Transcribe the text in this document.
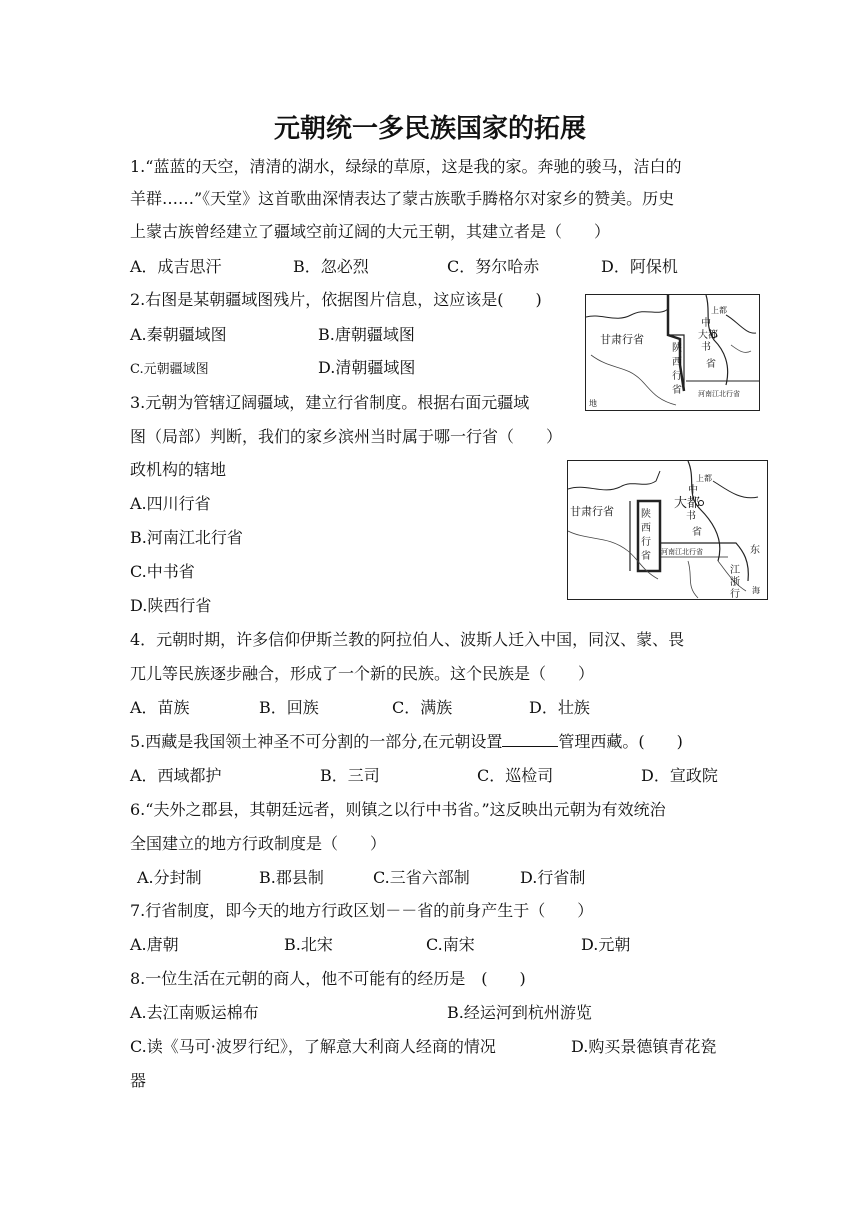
元朝统一多民族国家的拓展
1.“蓝蓝的天空，清清的湖水，绿绿的草原，这是我的家。奔驰的骏马，洁白的
羊群……”《天堂》这首歌曲深情表达了蒙古族歌手腾格尔对家乡的赞美。历史
上蒙古族曾经建立了疆域空前辽阔的大元王朝，其建立者是（　　）
A．成吉思汗	B．忽必烈	C．努尔哈赤	D．阿保机
2.右图是某朝疆域图残片，依据图片信息，这应该是(　　)
A.秦朝疆域图	B.唐朝疆域图
C.元朝疆域图	D.清朝疆域图
上都
中
大都
书
甘肃行省
陕
西
行
省
省
河南江北行省
地
3.元朝为管辖辽阔疆域，建立行省制度。根据右面元疆域
图（局部）判断，我们的家乡滨州当时属于哪一行省（　　）
政机构的辖地
A.四川行省
B.河南江北行省
C.中书省
D.陕西行省
上都
中
大都
书
甘肃行省	陕
西
行
省
省
河南江北行省
江
浙
行
东
海
4．元朝时期，许多信仰伊斯兰教的阿拉伯人、波斯人迁入中国，同汉、蒙、畏
兀儿等民族逐步融合，形成了一个新的民族。这个民族是（　　）
A．苗族	B．回族	C．满族	D．壮族
5.西藏是我国领土神圣不可分割的一部分,在元朝设置	管理西藏。(　　)
A．西域都护	B．三司	C．巡检司	D．宣政院
6.“夫外之郡县，其朝廷远者，则镇之以行中书省。”这反映出元朝为有效统治
全国建立的地方行政制度是（　　）
A.分封制	B.郡县制	C.三省六部制	D.行省制
7.行省制度，即今天的地方行政区划－－省的前身产生于（　　）
A.唐朝	B.北宋	C.南宋	D.元朝
8.一位生活在元朝的商人，他不可能有的经历是　(　　)
A.去江南贩运棉布	B.经运河到杭州游览
C.读《马可·波罗行纪》，了解意大利商人经商的情况	D.购买景德镇青花瓷
器
